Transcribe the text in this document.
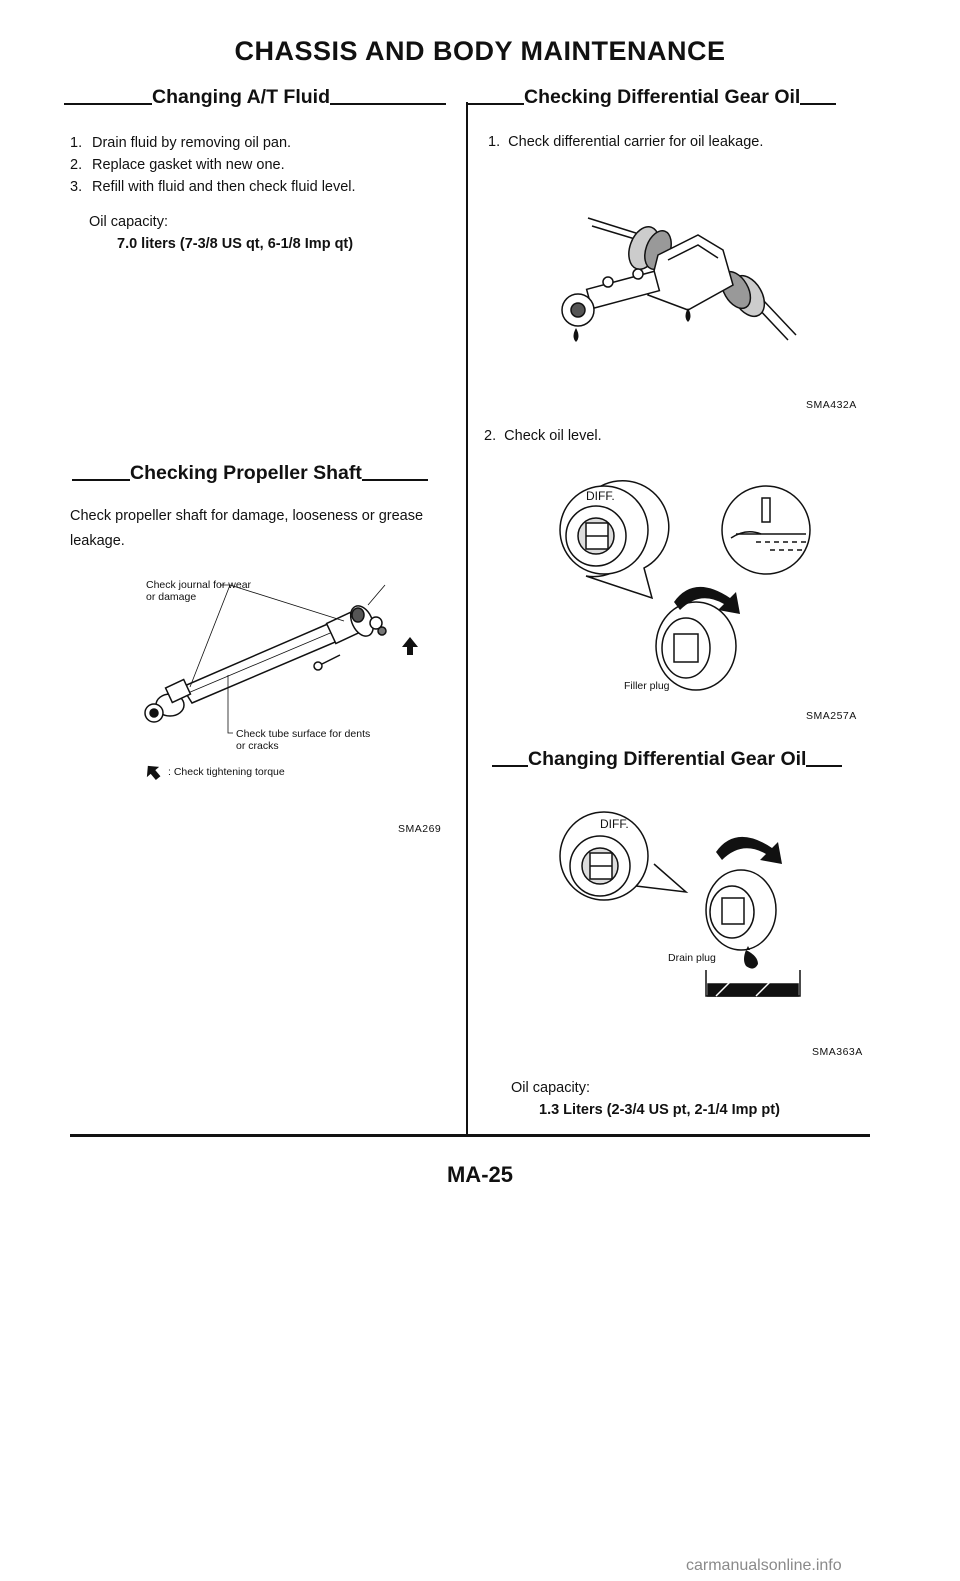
CHASSIS AND BODY MAINTENANCE
Changing A/T Fluid
1. Drain fluid by removing oil pan.
2. Replace gasket with new one.
3. Refill with fluid and then check fluid level.
Oil capacity:
7.0 liters (7-3/8 US qt, 6-1/8 Imp qt)
Checking Propeller Shaft
Check propeller shaft for damage, looseness or grease leakage.
Check journal for wear or damage
Check tube surface for dents or cracks
: Check tightening torque
SMA269
Checking Differential Gear Oil
1. Check differential carrier for oil leakage.
SMA432A
2. Check oil level.
DIFF.
Filler plug
SMA257A
Changing Differential Gear Oil
DIFF.
Drain plug
SMA363A
Oil capacity:
1.3 Liters (2-3/4 US pt, 2-1/4 Imp pt)
MA-25
carmanualsonline.info
